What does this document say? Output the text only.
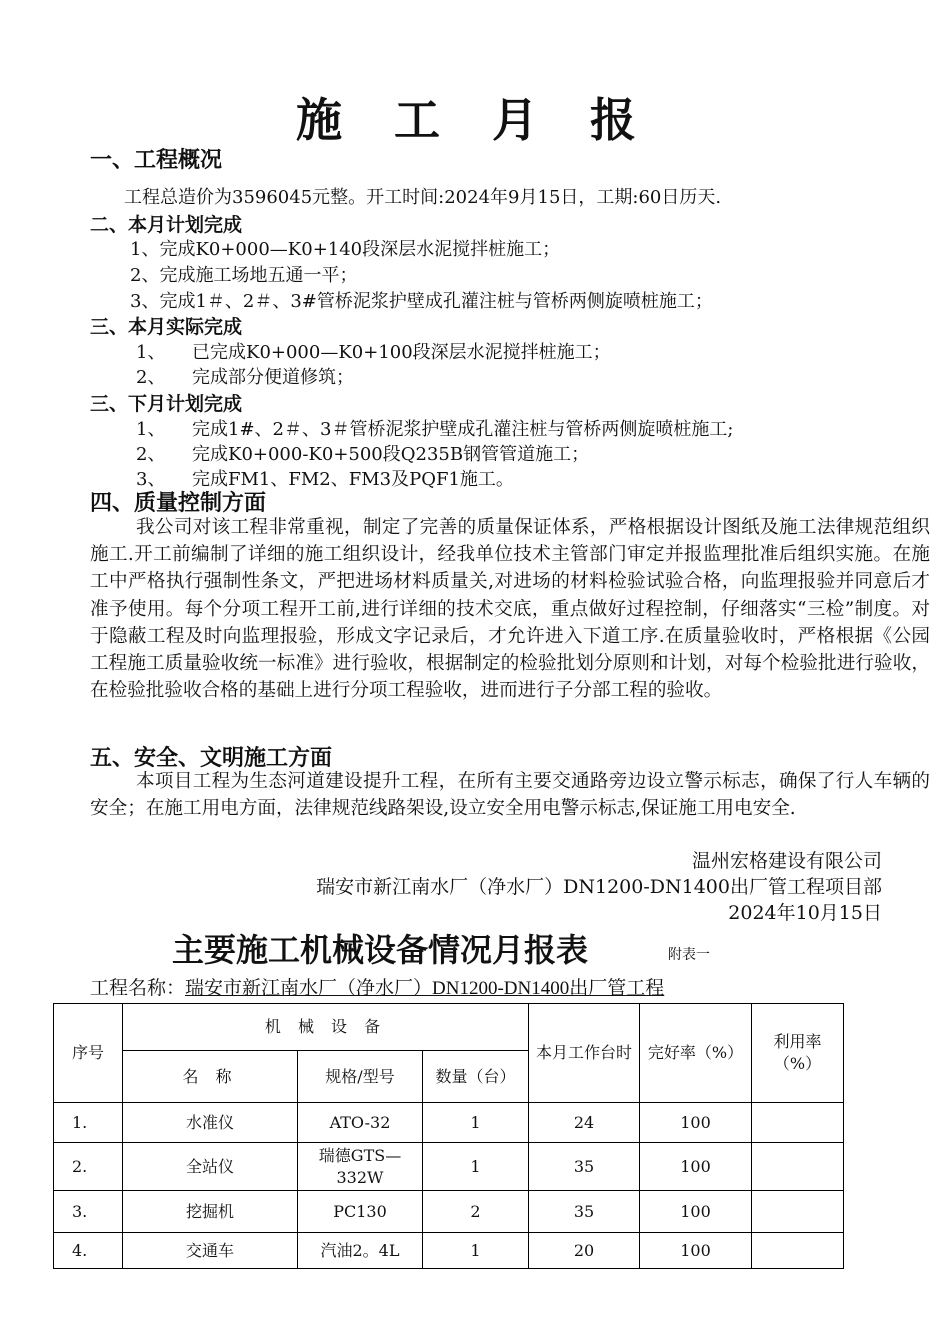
施 工 月 报
一、工程概况
工程总造价为3596045元整。开工时间:2024年9月15日，工期:60日历天.
二、本月计划完成
1、完成K0+000—K0+140段深层水泥搅拌桩施工；
2、完成施工场地五通一平；
3、完成1＃、2＃、3#管桥泥浆护壁成孔灌注桩与管桥两侧旋喷桩施工；
三、本月实际完成
1、 已完成K0+000—K0+100段深层水泥搅拌桩施工；
2、 完成部分便道修筑；
三、下月计划完成
1、 完成1#、2＃、3＃管桥泥浆护壁成孔灌注桩与管桥两侧旋喷桩施工;
2、 完成K0+000-K0+500段Q235B钢管管道施工；
3、 完成FM1、FM2、FM3及PQF1施工。
四、质量控制方面
我公司对该工程非常重视，制定了完善的质量保证体系，严格根据设计图纸及施工法律规范组织施工.开工前编制了详细的施工组织设计，经我单位技术主管部门审定并报监理批准后组织实施。在施工中严格执行强制性条文，严把进场材料质量关,对进场的材料检验试验合格，向监理报验并同意后才准予使用。每个分项工程开工前,进行详细的技术交底，重点做好过程控制，仔细落实“三检”制度。对于隐蔽工程及时向监理报验，形成文字记录后，才允许进入下道工序.在质量验收时，严格根据《公园工程施工质量验收统一标准》进行验收，根据制定的检验批划分原则和计划，对每个检验批进行验收，在检验批验收合格的基础上进行分项工程验收，进而进行子分部工程的验收。
五、安全、文明施工方面
本项目工程为生态河道建设提升工程，在所有主要交通路旁边设立警示标志，确保了行人车辆的安全；在施工用电方面，法律规范线路架设,设立安全用电警示标志,保证施工用电安全.
温州宏格建设有限公司
瑞安市新江南水厂（净水厂）DN1200-DN1400出厂管工程项目部
2024年10月15日
主要施工机械设备情况月报表	附表一
工程名称：瑞安市新江南水厂（净水厂）DN1200-DN1400出厂管工程
序号	机 械 设 备			本月工作台时	完好率（%）	利用率（%）
	名 称	规格/型号	数量（台）			
1.	水准仪	ATO-32	1	24	100	
2.	全站仪	瑞德GTS—332W	1	35	100	
3.	挖掘机	PC130	2	35	100	
4.	交通车	汽油2。4L	1	20	100	
